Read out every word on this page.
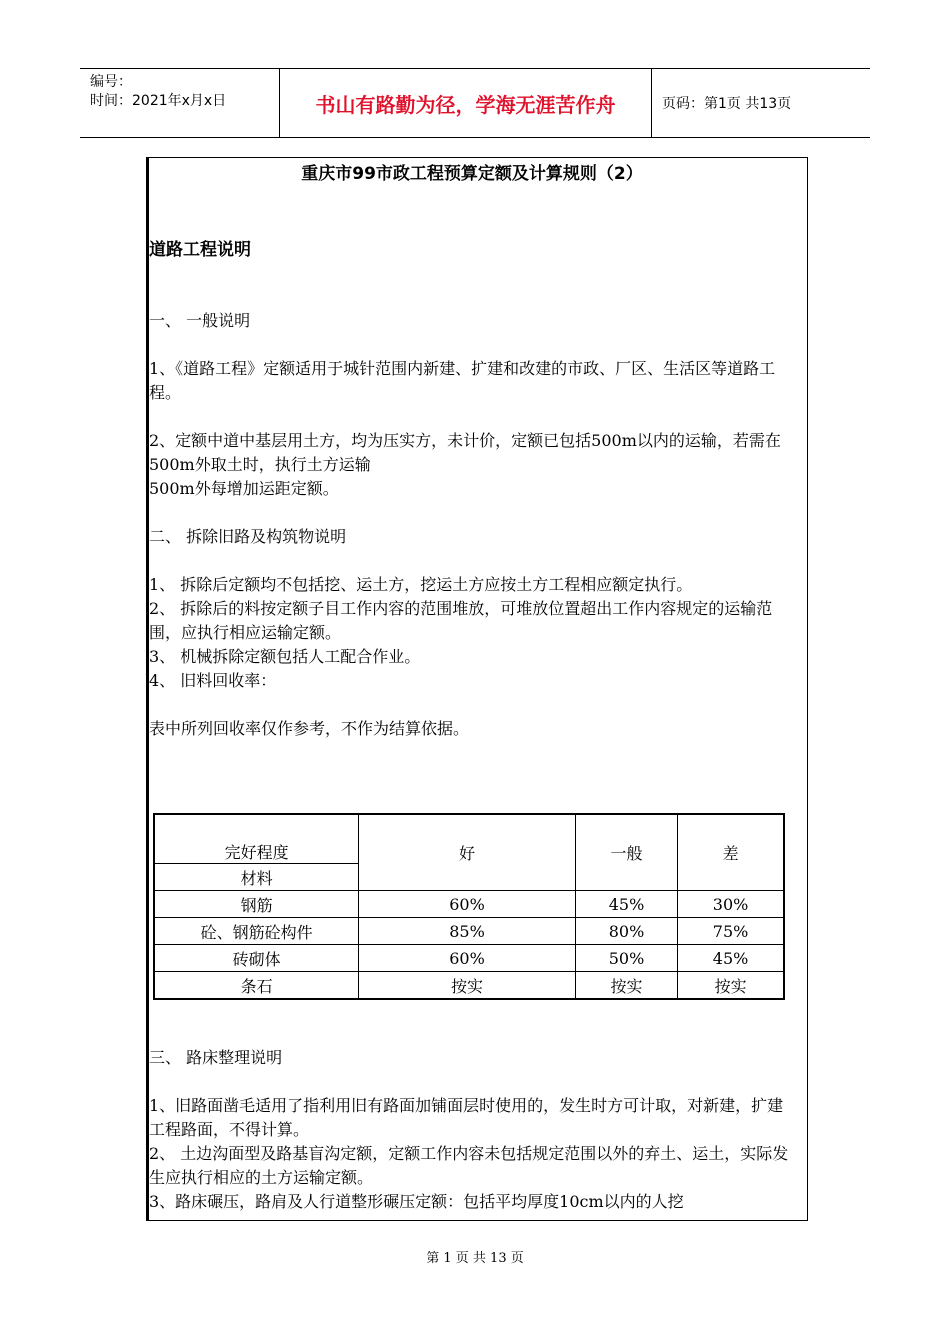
编号：
时间：2021年x月x日	书山有路勤为径，学海无涯苦作舟	页码：第1页 共13页
重庆市99市政工程预算定额及计算规则（2）
道路工程说明

一、 一般说明

1、《道路工程》定额适用于城针范围内新建、扩建和改建的市政、厂区、生活区等道路工程。

2、定额中道中基层用土方，均为压实方，未计价，定额已包括500m以内的运输，若需在500m外取土时，执行土方运输

500m外每增加运距定额。

二、 拆除旧路及构筑物说明

1、 拆除后定额均不包括挖、运土方，挖运土方应按土方工程相应额定执行。

2、 拆除后的料按定额子目工作内容的范围堆放，可堆放位置超出工作内容规定的运输范围，应执行相应运输定额。

3、 机械拆除定额包括人工配合作业。

4、 旧料回收率：

表中所列回收率仅作参考，不作为结算依据。

完好程度	好	一般	差
材料			
钢筋	60%	45%	30%
砼、钢筋砼构件	85%	80%	75%
砖砌体	60%	50%	45%
条石	按实	按实	按实

三、 路床整理说明

1、旧路面凿毛适用了指利用旧有路面加铺面层时使用的，发生时方可计取，对新建，扩建工程路面，不得计算。

2、 土边沟面型及路基盲沟定额，定额工作内容未包括规定范围以外的弃土、运土，实际发生应执行相应的土方运输定额。

3、路床碾压，路肩及人行道整形碾压定额：包括平均厚度10cm以内的人挖

第 1 页 共 13 页
